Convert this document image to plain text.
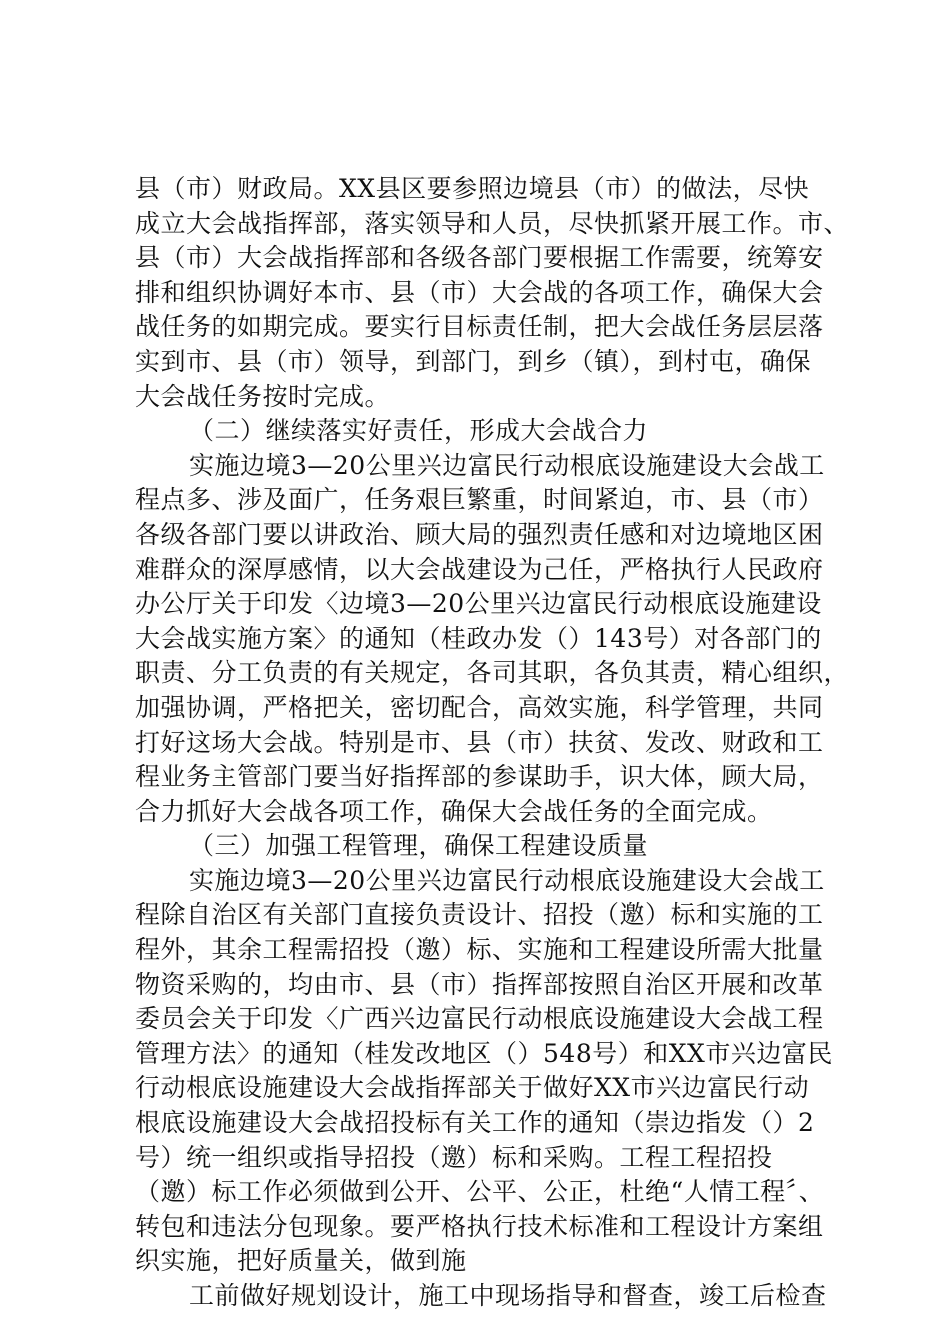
县（市）财政局。XX县区要参照边境县（市）的做法，尽快
成立大会战指挥部，落实领导和人员，尽快抓紧开展工作。市、
县（市）大会战指挥部和各级各部门要根据工作需要，统筹安
排和组织协调好本市、县（市）大会战的各项工作，确保大会
战任务的如期完成。要实行目标责任制，把大会战任务层层落
实到市、县（市）领导，到部门，到乡（镇），到村屯，确保
大会战任务按时完成。
（二）继续落实好责任，形成大会战合力
实施边境3—20公里兴边富民行动根底设施建设大会战工
程点多、涉及面广，任务艰巨繁重，时间紧迫，市、县（市）
各级各部门要以讲政治、顾大局的强烈责任感和对边境地区困
难群众的深厚感情，以大会战建设为己任，严格执行人民政府
办公厅关于印发〈边境3—20公里兴边富民行动根底设施建设
大会战实施方案〉的通知（桂政办发（）143号）对各部门的
职责、分工负责的有关规定，各司其职，各负其责，精心组织，
加强协调，严格把关，密切配合，高效实施，科学管理，共同
打好这场大会战。特别是市、县（市）扶贫、发改、财政和工
程业务主管部门要当好指挥部的参谋助手，识大体，顾大局，
合力抓好大会战各项工作，确保大会战任务的全面完成。
（三）加强工程管理，确保工程建设质量
实施边境3—20公里兴边富民行动根底设施建设大会战工
程除自治区有关部门直接负责设计、招投（邀）标和实施的工
程外，其余工程需招投（邀）标、实施和工程建设所需大批量
物资采购的，均由市、县（市）指挥部按照自治区开展和改革
委员会关于印发〈广西兴边富民行动根底设施建设大会战工程
管理方法〉的通知（桂发改地区（）548号）和XX市兴边富民
行动根底设施建设大会战指挥部关于做好XX市兴边富民行动
根底设施建设大会战招投标有关工作的通知（崇边指发（）2
号）统一组织或指导招投（邀）标和采购。工程工程招投
（邀）标工作必须做到公开、公平、公正，杜绝“人情工程〞、
转包和违法分包现象。要严格执行技术标准和工程设计方案组
织实施，把好质量关，做到施
工前做好规划设计，施工中现场指导和督查，竣工后检查
